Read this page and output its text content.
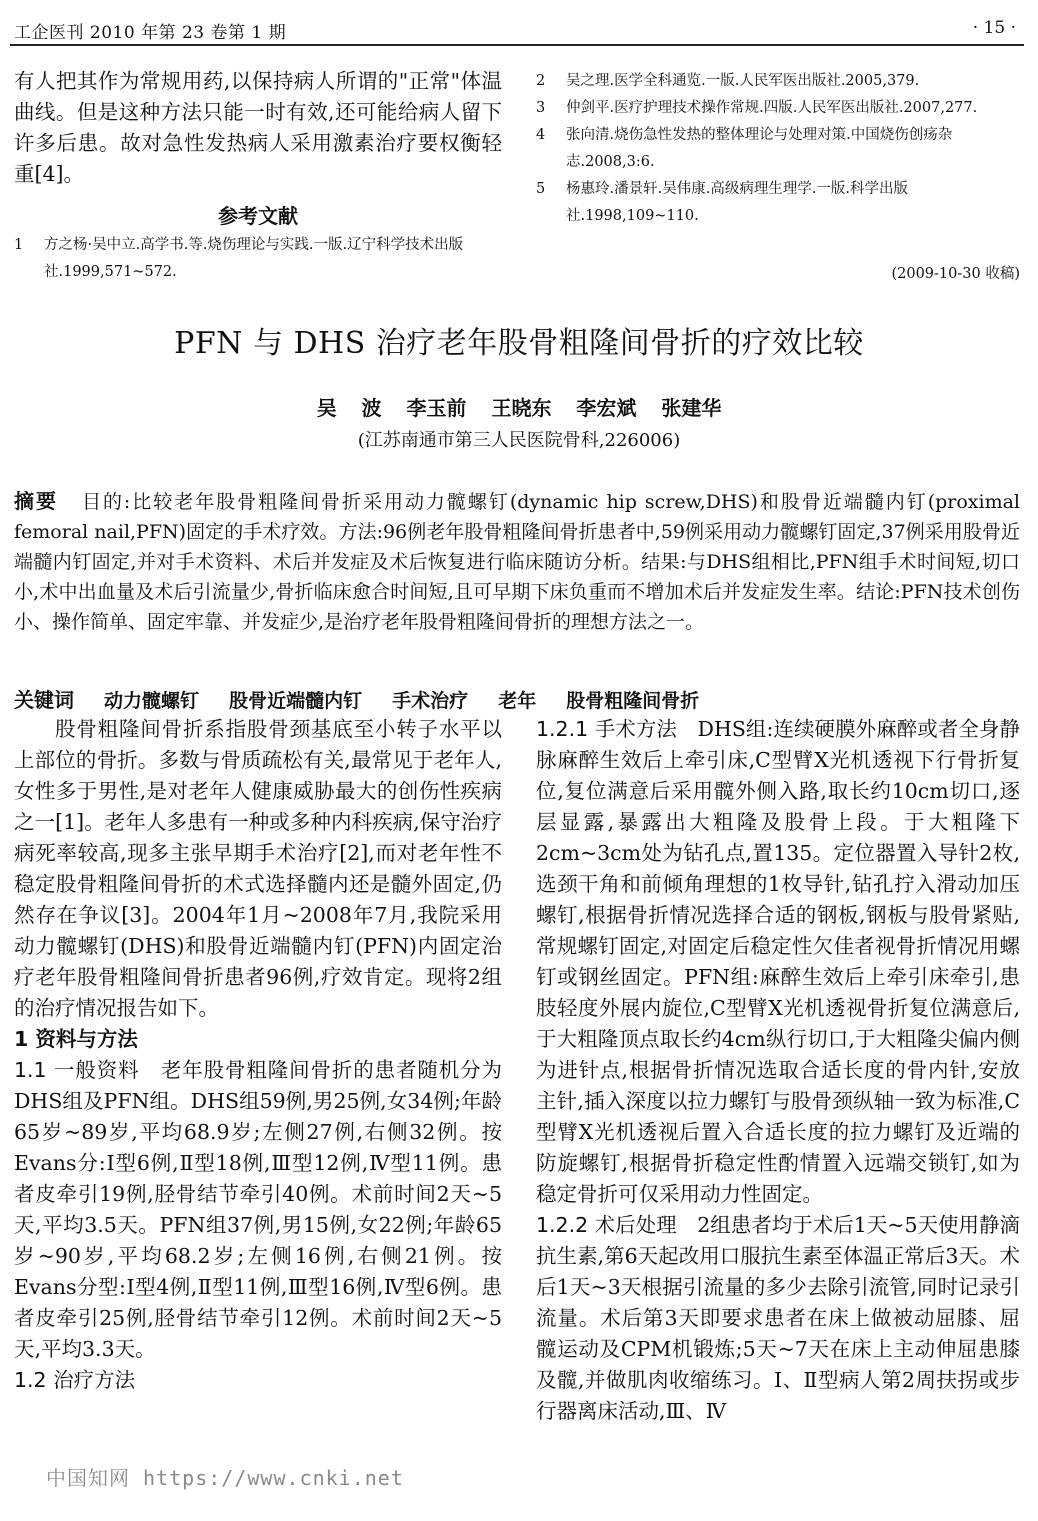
工企医刊 2010 年第 23 卷第 1 期	· 15 ·
有人把其作为常规用药,以保持病人所谓的"正常"体温曲线。但是这种方法只能一时有效,还可能给病人留下许多后患。故对急性发热病人采用激素治疗要权衡轻重[4]。
参考文献
1	方之杨·吴中立.高学书.等.烧伤理论与实践.一版.辽宁科学技术出版社.1999,571~572.
2	吴之理.医学全科通览.一版.人民军医出版社.2005,379.
3	仲剑平.医疗护理技术操作常规.四版.人民军医出版社.2007,277.
4	张向清.烧伤急性发热的整体理论与处理对策.中国烧伤创疡杂志.2008,3:6.
5	杨惠玲.潘景轩.吴伟康.高级病理生理学.一版.科学出版社.1998,109~110.
(2009-10-30 收稿)
PFN 与 DHS 治疗老年股骨粗隆间骨折的疗效比较
吴 波 李玉前 王晓东 李宏斌 张建华
(江苏南通市第三人民医院骨科,226006)
摘要 目的:比较老年股骨粗隆间骨折采用动力髋螺钉(dynamic hip screw,DHS)和股骨近端髓内钉(proximal femoral nail,PFN)固定的手术疗效。方法:96例老年股骨粗隆间骨折患者中,59例采用动力髋螺钉固定,37例采用股骨近端髓内钉固定,并对手术资料、术后并发症及术后恢复进行临床随访分析。结果:与DHS组相比,PFN组手术时间短,切口小,术中出血量及术后引流量少,骨折临床愈合时间短,且可早期下床负重而不增加术后并发症发生率。结论:PFN技术创伤小、操作简单、固定牢靠、并发症少,是治疗老年股骨粗隆间骨折的理想方法之一。
关键词 动力髋螺钉 股骨近端髓内钉 手术治疗 老年 股骨粗隆间骨折

股骨粗隆间骨折系指股骨颈基底至小转子水平以上部位的骨折。多数与骨质疏松有关,最常见于老年人,女性多于男性,是对老年人健康威胁最大的创伤性疾病之一[1]。老年人多患有一种或多种内科疾病,保守治疗病死率较高,现多主张早期手术治疗[2],而对老年性不稳定股骨粗隆间骨折的术式选择髓内还是髓外固定,仍然存在争议[3]。2004年1月~2008年7月,我院采用动力髋螺钉(DHS)和股骨近端髓内钉(PFN)内固定治疗老年股骨粗隆间骨折患者96例,疗效肯定。现将2组的治疗情况报告如下。

1 资料与方法

1.1 一般资料　 老年股骨粗隆间骨折的患者随机分为DHS组及PFN组。DHS组59例,男25例,女34例;年龄65岁~89岁,平均68.9岁;左侧27例,右侧32例。按Evans分:Ⅰ型6例,Ⅱ型18例,Ⅲ型12例,Ⅳ型11例。患者皮牵引19例,胫骨结节牵引40例。术前时间2天~5天,平均3.5天。PFN组37例,男15例,女22例;年龄65岁~90岁,平均68.2岁;左侧16例,右侧21例。按Evans分型:Ⅰ型4例,Ⅱ型11例,Ⅲ型16例,Ⅳ型6例。患者皮牵引25例,胫骨结节牵引12例。术前时间2天~5天,平均3.3天。

1.2 治疗方法

1.2.1 手术方法　 DHS组:连续硬膜外麻醉或者全身静脉麻醉生效后上牵引床,C型臂X光机透视下行骨折复位,复位满意后采用髋外侧入路,取长约10cm切口,逐层显露,暴露出大粗隆及股骨上段。于大粗隆下2cm~3cm处为钻孔点,置135。定位器置入导针2枚,选颈干角和前倾角理想的1枚导针,钻孔拧入滑动加压螺钉,根据骨折情况选择合适的钢板,钢板与股骨紧贴,常规螺钉固定,对固定后稳定性欠佳者视骨折情况用螺钉或钢丝固定。PFN组:麻醉生效后上牵引床牵引,患肢轻度外展内旋位,C型臂X光机透视骨折复位满意后,于大粗隆顶点取长约4cm纵行切口,于大粗隆尖偏内侧为进针点,根据骨折情况选取合适长度的骨内针,安放主针,插入深度以拉力螺钉与股骨颈纵轴一致为标准,C型臂X光机透视后置入合适长度的拉力螺钉及近端的防旋螺钉,根据骨折稳定性酌情置入远端交锁钉,如为稳定骨折可仅采用动力性固定。

1.2.2 术后处理　 2组患者均于术后1天~5天使用静滴抗生素,第6天起改用口服抗生素至体温正常后3天。术后1天~3天根据引流量的多少去除引流管,同时记录引流量。术后第3天即要求患者在床上做被动屈膝、屈髋运动及CPM机锻炼;5天~7天在床上主动伸屈患膝及髋,并做肌肉收缩练习。Ⅰ、Ⅱ型病人第2周扶拐或步行器离床活动,Ⅲ、Ⅳ

中国知网 https://www.cnki.net
